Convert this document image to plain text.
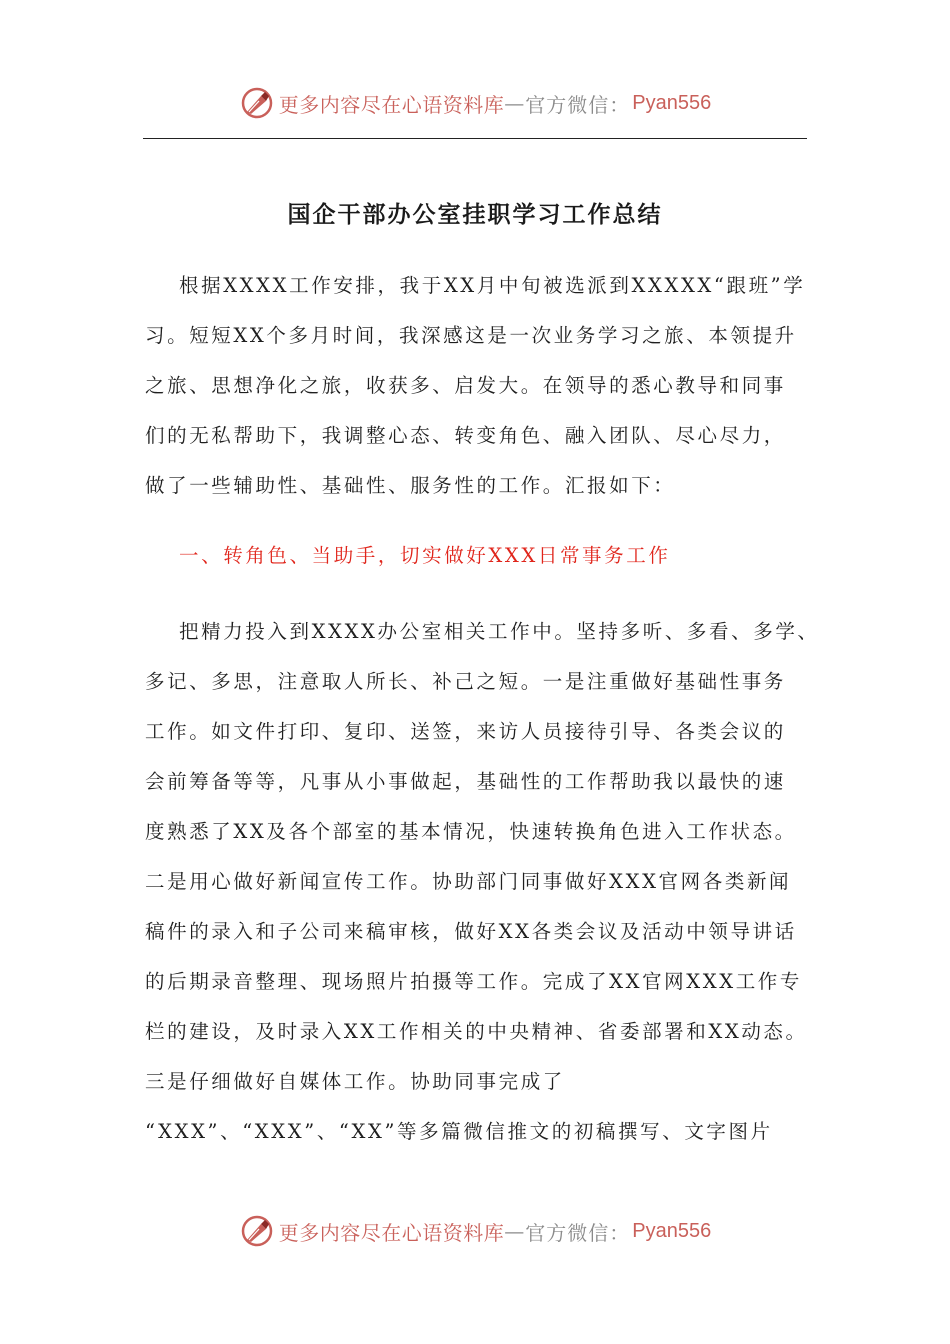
更多内容尽在心语资料库 — 官方微信： Pyan556
国企干部办公室挂职学习工作总结
根据XXXX工作安排，我于XX月中旬被选派到XXXXX“跟班”学
习。短短XX个多月时间，我深感这是一次业务学习之旅、本领提升
之旅、思想净化之旅，收获多、启发大。在领导的悉心教导和同事
们的无私帮助下，我调整心态、转变角色、融入团队、尽心尽力，
做了一些辅助性、基础性、服务性的工作。汇报如下：
一、转角色、当助手，切实做好XXX日常事务工作
把精力投入到XXXX办公室相关工作中。坚持多听、多看、多学、
多记、多思，注意取人所长、补己之短。一是注重做好基础性事务
工作。如文件打印、复印、送签，来访人员接待引导、各类会议的
会前筹备等等，凡事从小事做起，基础性的工作帮助我以最快的速
度熟悉了XX及各个部室的基本情况，快速转换角色进入工作状态。
二是用心做好新闻宣传工作。协助部门同事做好XXX官网各类新闻
稿件的录入和子公司来稿审核，做好XX各类会议及活动中领导讲话
的后期录音整理、现场照片拍摄等工作。完成了XX官网XXX工作专
栏的建设，及时录入XX工作相关的中央精神、省委部署和XX动态。
三是仔细做好自媒体工作。协助同事完成了
“XXX”、“XXX”、“XX”等多篇微信推文的初稿撰写、文字图片
更多内容尽在心语资料库 — 官方微信： Pyan556
